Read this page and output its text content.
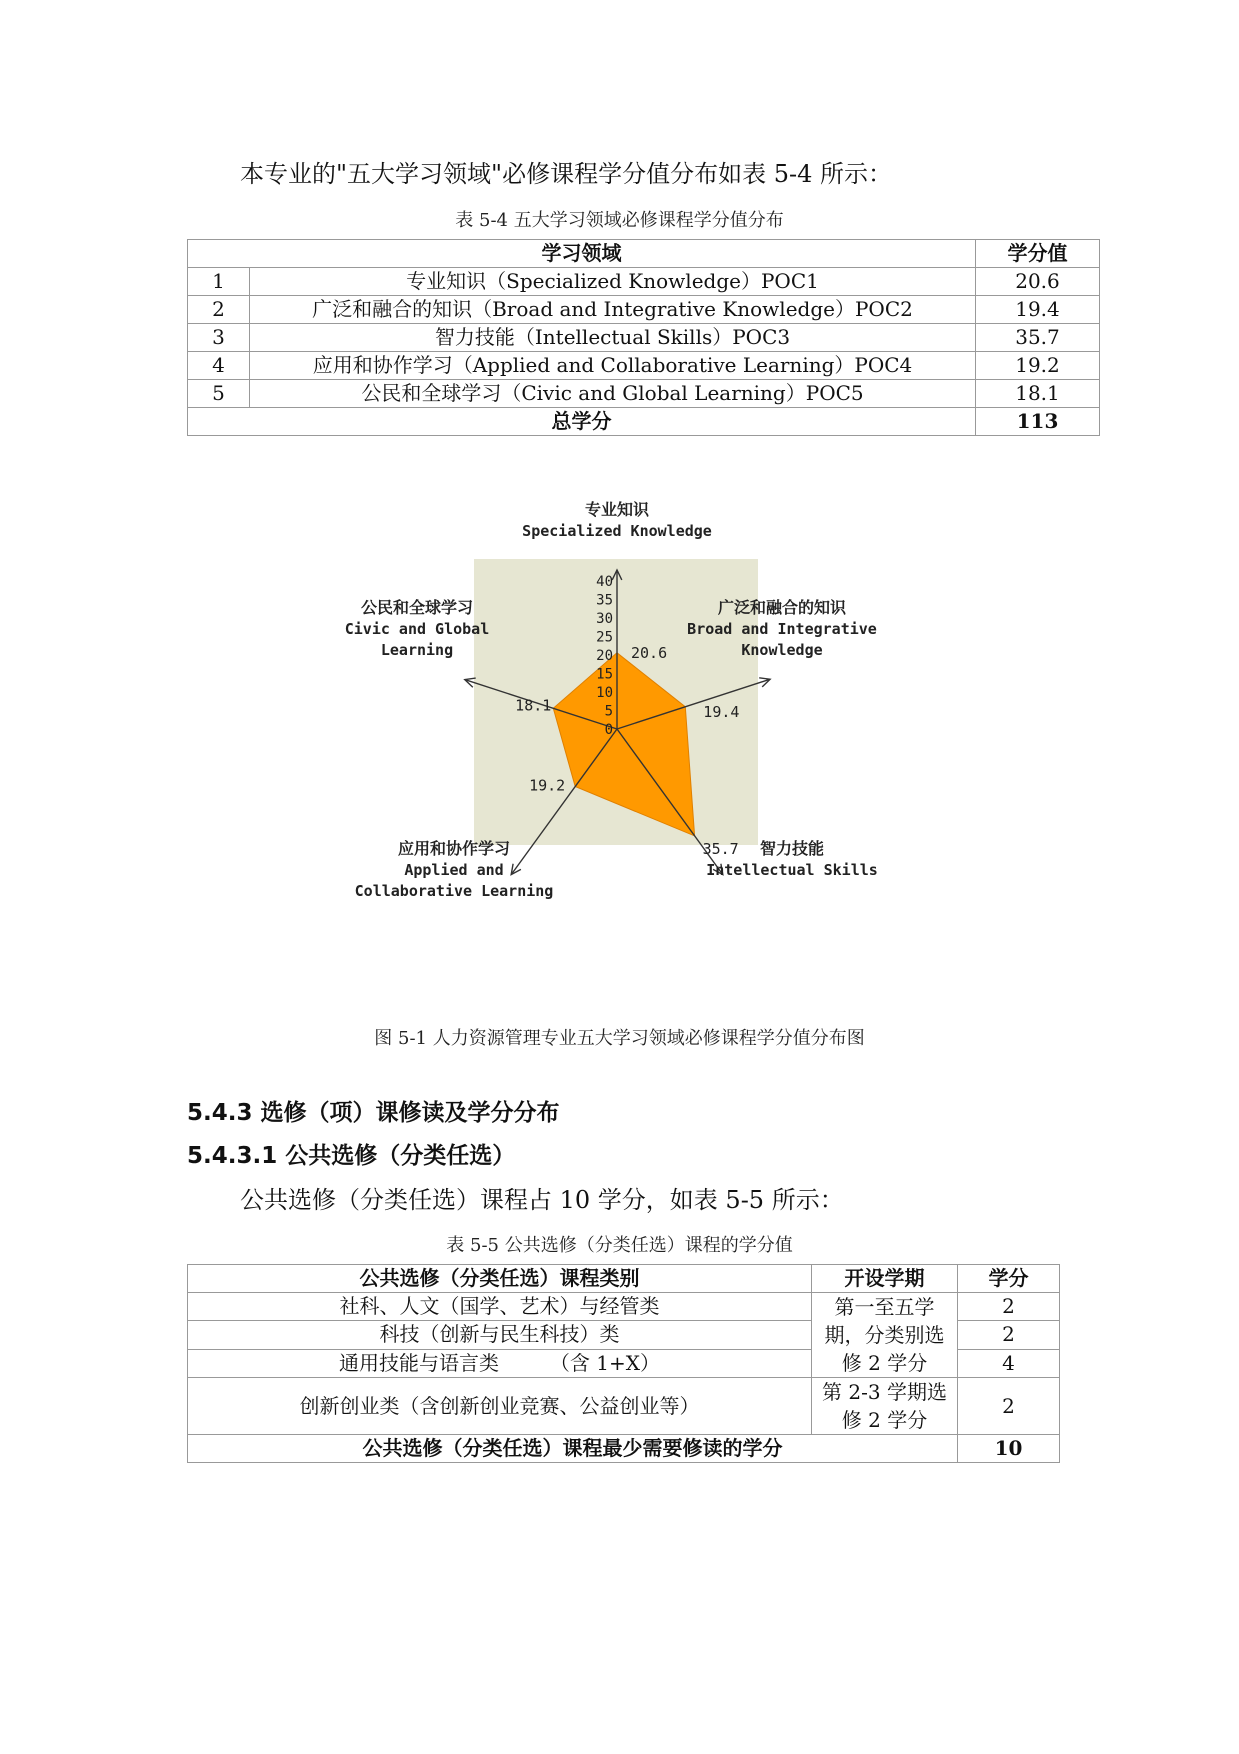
本专业的"五大学习领域"必修课程学分值分布如表 5-4 所示：
表 5-4 五大学习领域必修课程学分值分布
学习领域		学分值
1	专业知识（Specialized Knowledge）POC1	20.6
2	广泛和融合的知识（Broad and Integrative Knowledge）POC2	19.4
3	智力技能（Intellectual Skills）POC3	35.7
4	应用和协作学习（Applied and Collaborative Learning）POC4	19.2
5	公民和全球学习（Civic and Global Learning）POC5	18.1
总学分		113
0
5
10
15
20
25
30
35
40
20.6
19.4
35.7
19.2
18.1
专业知识
Specialized Knowledge
广泛和融合的知识
Broad and Integrative
Knowledge
智力技能
Intellectual Skills
应用和协作学习
Applied and
Collaborative Learning
公民和全球学习
Civic and Global
Learning
图 5-1 人力资源管理专业五大学习领域必修课程学分值分布图
5.4.3 选修（项）课修读及学分分布
5.4.3.1 公共选修（分类任选）
公共选修（分类任选）课程占 10 学分，如表 5-5 所示：
表 5-5 公共选修（分类任选）课程的学分值
公共选修（分类任选）课程类别	开设学期	学分
社科、人文（国学、艺术）与经管类	第一至五学期，分类别选修 2 学分	2
科技（创新与民生科技）类		2
通用技能与语言类        （含 1+X）		4
创新创业类（含创新创业竞赛、公益创业等）	第 2-3 学期选修 2 学分	2
公共选修（分类任选）课程最少需要修读的学分		10
